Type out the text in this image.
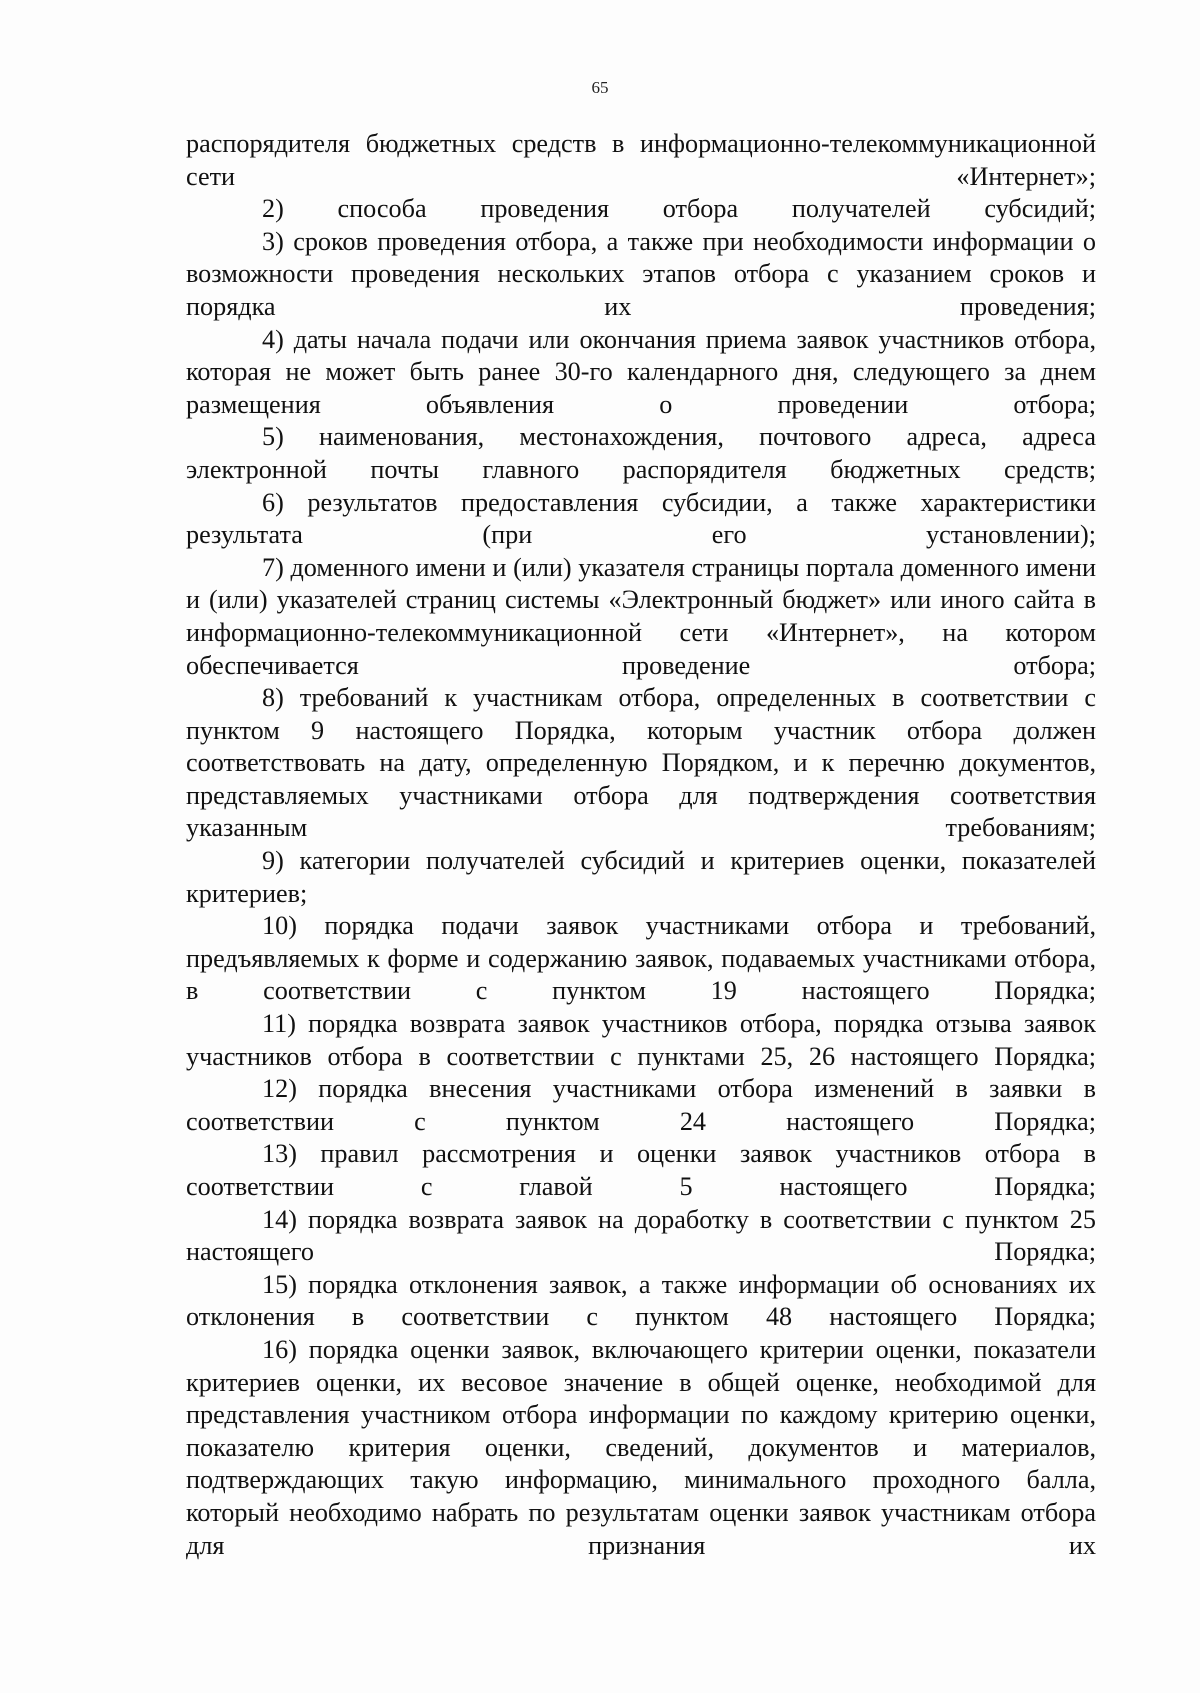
65

распорядителя бюджетных средств в информационно-телекоммуникационной сети «Интернет»;

2) способа проведения отбора получателей субсидий;

3) сроков проведения отбора, а также при необходимости информации о возможности проведения нескольких этапов отбора с указанием сроков и порядка их проведения;

4) даты начала подачи или окончания приема заявок участников отбора, которая не может быть ранее 30-го календарного дня, следующего за днем размещения объявления о проведении отбора;

5) наименования, местонахождения, почтового адреса, адреса электронной почты главного распорядителя бюджетных средств;

6) результатов предоставления субсидии, а также характеристики результата (при его установлении);

7) доменного имени и (или) указателя страницы портала доменного имени и (или) указателей страниц системы «Электронный бюджет» или иного сайта в информационно-телекоммуникационной сети «Интернет», на котором обеспечивается проведение отбора;

8) требований к участникам отбора, определенных в соответствии с пунктом 9 настоящего Порядка, которым участник отбора должен соответствовать на дату, определенную Порядком, и к перечню документов, представляемых участниками отбора для подтверждения соответствия указанным требованиям;

9) категории получателей субсидий и критериев оценки, показателей критериев;

10) порядка подачи заявок участниками отбора и требований, предъявляемых к форме и содержанию заявок, подаваемых участниками отбора, в соответствии с пунктом 19 настоящего Порядка;

11) порядка возврата заявок участников отбора, порядка отзыва заявок участников отбора в соответствии с пунктами 25, 26 настоящего Порядка;

12) порядка внесения участниками отбора изменений в заявки в соответствии с пунктом 24 настоящего Порядка;

13) правил рассмотрения и оценки заявок участников отбора в соответствии с главой 5 настоящего Порядка;

14) порядка возврата заявок на доработку в соответствии с пунктом 25 настоящего Порядка;

15) порядка отклонения заявок, а также информации об основаниях их отклонения в соответствии с пунктом 48 настоящего Порядка;

16) порядка оценки заявок, включающего критерии оценки, показатели критериев оценки, их весовое значение в общей оценке, необходимой для представления участником отбора информации по каждому критерию оценки, показателю критерия оценки, сведений, документов и материалов, подтверждающих такую информацию, минимального проходного балла, который необходимо набрать по результатам оценки заявок участникам отбора для признания их
